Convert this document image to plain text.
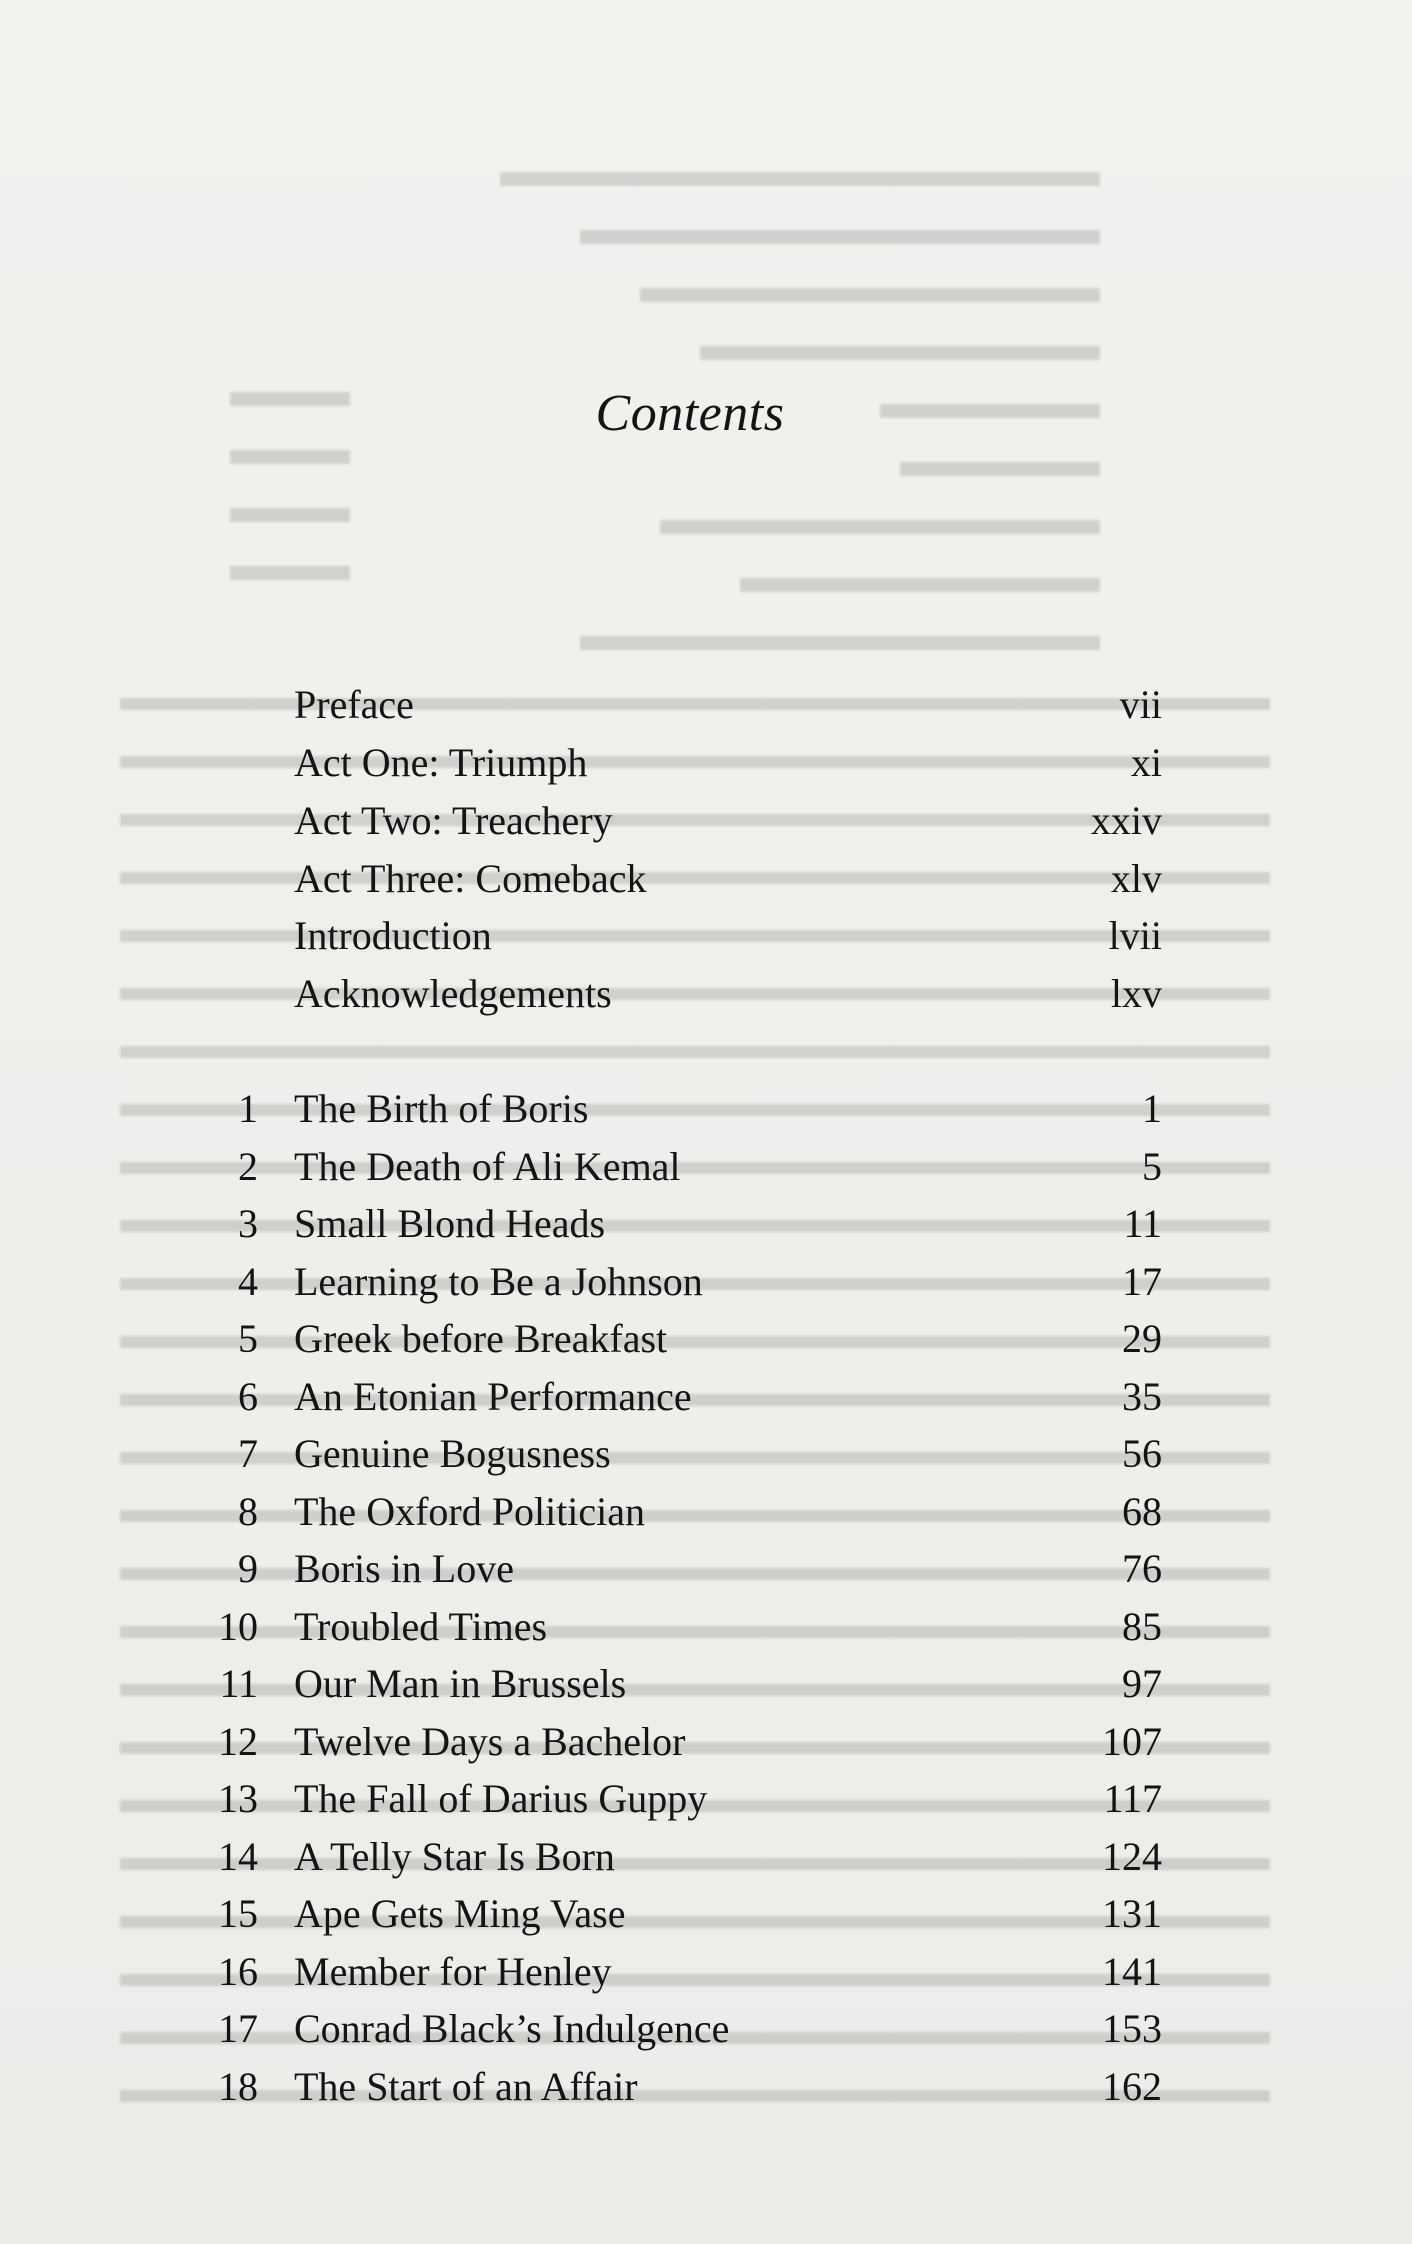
Contents
Preface	vii
Act One: Triumph	xi
Act Two: Treachery	xxiv
Act Three: Comeback	xlv
Introduction	lvii
Acknowledgements	lxv
1 The Birth of Boris	1
2 The Death of Ali Kemal	5
3 Small Blond Heads	11
4 Learning to Be a Johnson	17
5 Greek before Breakfast	29
6 An Etonian Performance	35
7 Genuine Bogusness	56
8 The Oxford Politician	68
9 Boris in Love	76
10 Troubled Times	85
11 Our Man in Brussels	97
12 Twelve Days a Bachelor	107
13 The Fall of Darius Guppy	117
14 A Telly Star Is Born	124
15 Ape Gets Ming Vase	131
16 Member for Henley	141
17 Conrad Black’s Indulgence	153
18 The Start of an Affair	162
